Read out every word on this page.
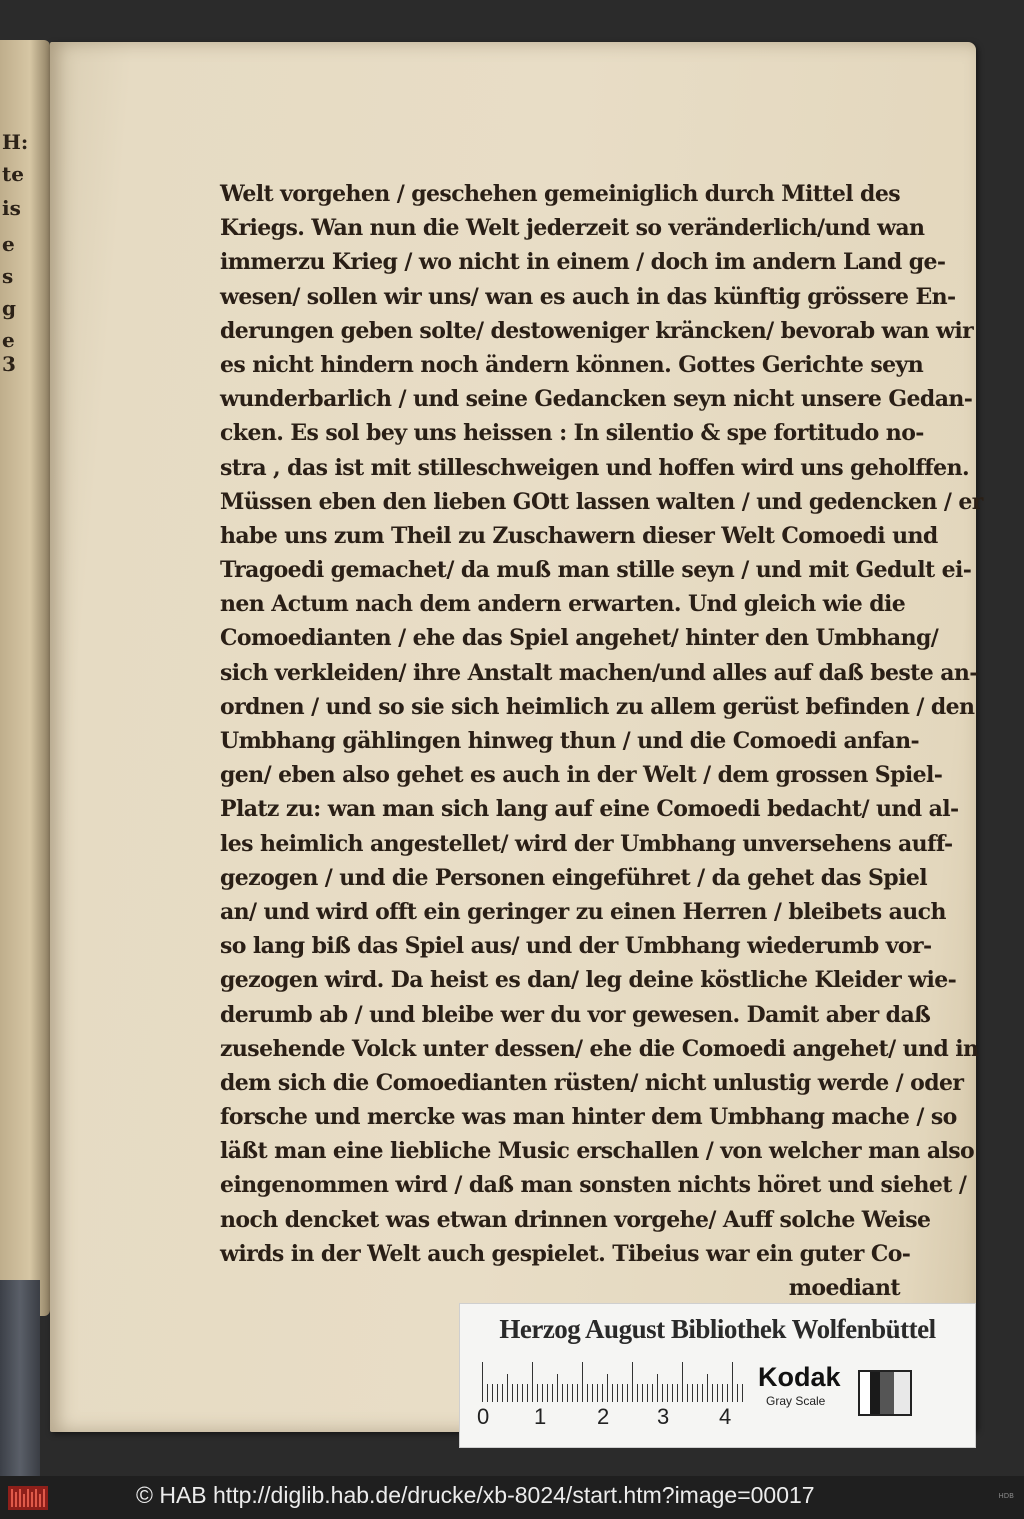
H:
te
is
e
s
g
e
3
Welt vorgehen / geschehen gemeiniglich durch Mittel des
Kriegs. Wan nun die Welt jederzeit so veränderlich/und wan
immerzu Krieg / wo nicht in einem / doch im andern Land ge-
wesen/ sollen wir uns/ wan es auch in das künftig grössere En-
derungen geben solte/ destoweniger kräncken/ bevorab wan wir
es nicht hindern noch ändern können. Gottes Gerichte seyn
wunderbarlich / und seine Gedancken seyn nicht unsere Gedan-
cken. Es sol bey uns heissen : In silentio & spe fortitudo no-
stra , das ist mit stilleschweigen und hoffen wird uns geholffen.
Müssen eben den lieben GOtt lassen walten / und gedencken / er
habe uns zum Theil zu Zuschawern dieser Welt Comoedi und
Tragoedi gemachet/ da muß man stille seyn / und mit Gedult ei-
nen Actum nach dem andern erwarten. Und gleich wie die
Comoedianten / ehe das Spiel angehet/ hinter den Umbhang/
sich verkleiden/ ihre Anstalt machen/und alles auf daß beste an-
ordnen / und so sie sich heimlich zu allem gerüst befinden / den
Umbhang gählingen hinweg thun / und die Comoedi anfan-
gen/ eben also gehet es auch in der Welt / dem grossen Spiel-
Platz zu: wan man sich lang auf eine Comoedi bedacht/ und al-
les heimlich angestellet/ wird der Umbhang unversehens auff-
gezogen / und die Personen eingeführet / da gehet das Spiel
an/ und wird offt ein geringer zu einen Herren / bleibets auch
so lang biß das Spiel aus/ und der Umbhang wiederumb vor-
gezogen wird. Da heist es dan/ leg deine köstliche Kleider wie-
derumb ab / und bleibe wer du vor gewesen. Damit aber daß
zusehende Volck unter dessen/ ehe die Comoedi angehet/ und in
dem sich die Comoedianten rüsten/ nicht unlustig werde / oder
forsche und mercke was man hinter dem Umbhang mache / so
läßt man eine liebliche Music erschallen / von welcher man also
eingenommen wird / daß man sonsten nichts höret und siehet /
noch dencket was etwan drinnen vorgehe/ Auff solche Weise
wirds in der Welt auch gespielet. Tibeius war ein guter Co-
moediant
Herzog August Bibliothek Wolfenbüttel
0 1 2 3 4
Kodak
Gray Scale
© HAB http://diglib.hab.de/drucke/xb-8024/start.htm?image=00017	HDB
